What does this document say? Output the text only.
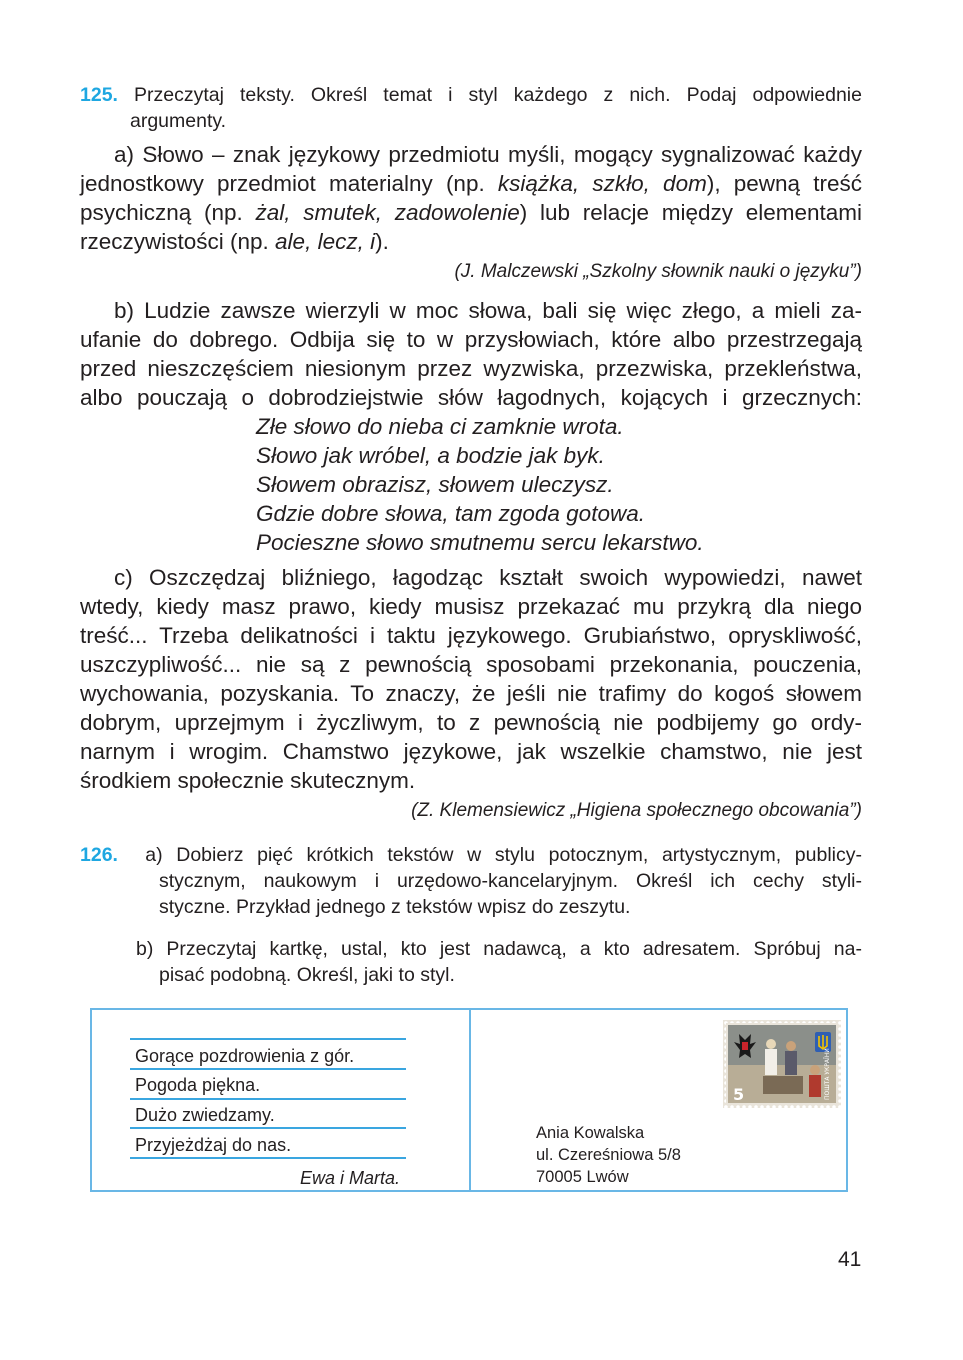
125. Przeczytaj teksty. Określ temat i styl każdego z nich. Podaj odpowiednie
argumenty.
a) Słowo – znak językowy przedmiotu myśli, mogący sygnalizować każdy
jednostkowy przedmiot materialny (np. książka, szkło, dom), pewną treść
psychiczną (np. żal, smutek, zadowolenie) lub relacje między elementami
rzeczywistości (np. ale, lecz, i).
(J. Malczewski „Szkolny słownik nauki o języku”)
b) Ludzie zawsze wierzyli w moc słowa, bali się więc złego, a mieli za-
ufanie do dobrego. Odbija się to w przysłowiach, które albo przestrzegają
przed nieszczęściem niesionym przez wyzwiska, przezwiska, przekleństwa,
albo pouczają o dobrodziejstwie słów łagodnych, kojących i grzecznych:
Złe słowo do nieba ci zamknie wrota.
Słowo jak wróbel, a bodzie jak byk.
Słowem obrazisz, słowem uleczysz.
Gdzie dobre słowa, tam zgoda gotowa.
Pocieszne słowo smutnemu sercu lekarstwo.
c) Oszczędzaj bliźniego, łagodząc kształt swoich wypowiedzi, nawet
wtedy, kiedy masz prawo, kiedy musisz przekazać mu przykrą dla niego
treść... Trzeba delikatności i taktu językowego. Grubiaństwo, opryskliwość,
uszczypliwość... nie są z pewnością sposobami przekonania, pouczenia,
wychowania, pozyskania. To znaczy, że jeśli nie trafimy do kogoś słowem
dobrym, uprzejmym i życzliwym, to z pewnością nie podbijemy go ordy-
narnym i wrogim. Chamstwo językowe, jak wszelkie chamstwo, nie jest
środkiem społecznie skutecznym.
(Z. Klemensiewicz „Higiena społecznego obcowania”)
126. a) Dobierz pięć krótkich tekstów w stylu potocznym, artystycznym, publicy-
stycznym, naukowym i urzędowo-kancelaryjnym. Określ ich cechy styli-
styczne. Przykład jednego z tekstów wpisz do zeszytu.
b) Przeczytaj kartkę, ustal, kto jest nadawcą, a kto adresatem. Spróbuj na-
pisać podobną. Określ, jaki to styl.
Gorące pozdrowienia z gór.
Pogoda piękna.
Dużo zwiedzamy.
Przyjeżdżaj do nas.
Ewa i Marta.
5	ПОШТА УКРАЇНИ
Ania Kowalska
ul. Czereśniowa 5/8
70005 Lwów
41
